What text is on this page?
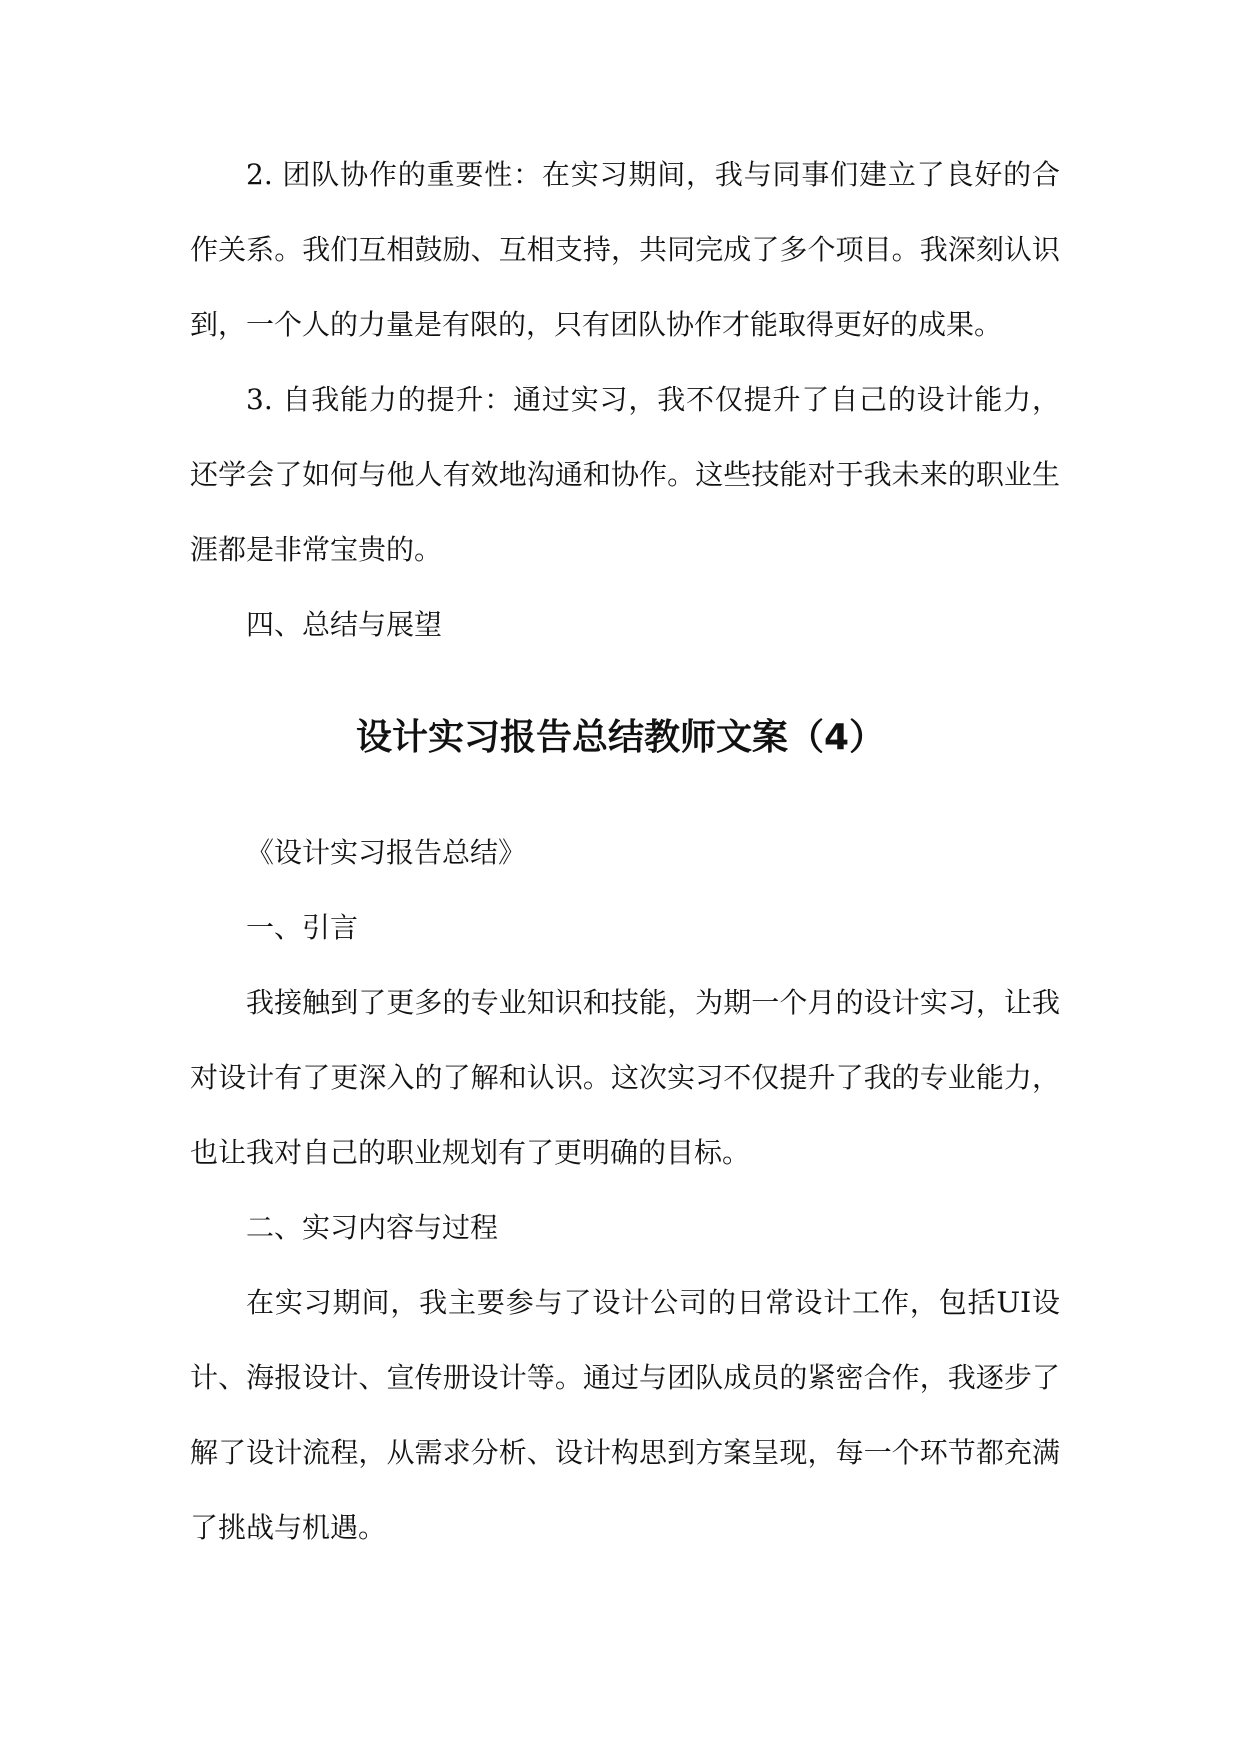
2. 团队协作的重要性：在实习期间，我与同事们建立了良好的合作关系。我们互相鼓励、互相支持，共同完成了多个项目。我深刻认识到，一个人的力量是有限的，只有团队协作才能取得更好的成果。

3. 自我能力的提升：通过实习，我不仅提升了自己的设计能力，还学会了如何与他人有效地沟通和协作。这些技能对于我未来的职业生涯都是非常宝贵的。

四、总结与展望

设计实习报告总结教师文案（4）

《设计实习报告总结》

一、引言

我接触到了更多的专业知识和技能，为期一个月的设计实习，让我对设计有了更深入的了解和认识。这次实习不仅提升了我的专业能力，也让我对自己的职业规划有了更明确的目标。

二、实习内容与过程

在实习期间，我主要参与了设计公司的日常设计工作，包括UI设计、海报设计、宣传册设计等。通过与团队成员的紧密合作，我逐步了解了设计流程，从需求分析、设计构思到方案呈现，每一个环节都充满了挑战与机遇。
